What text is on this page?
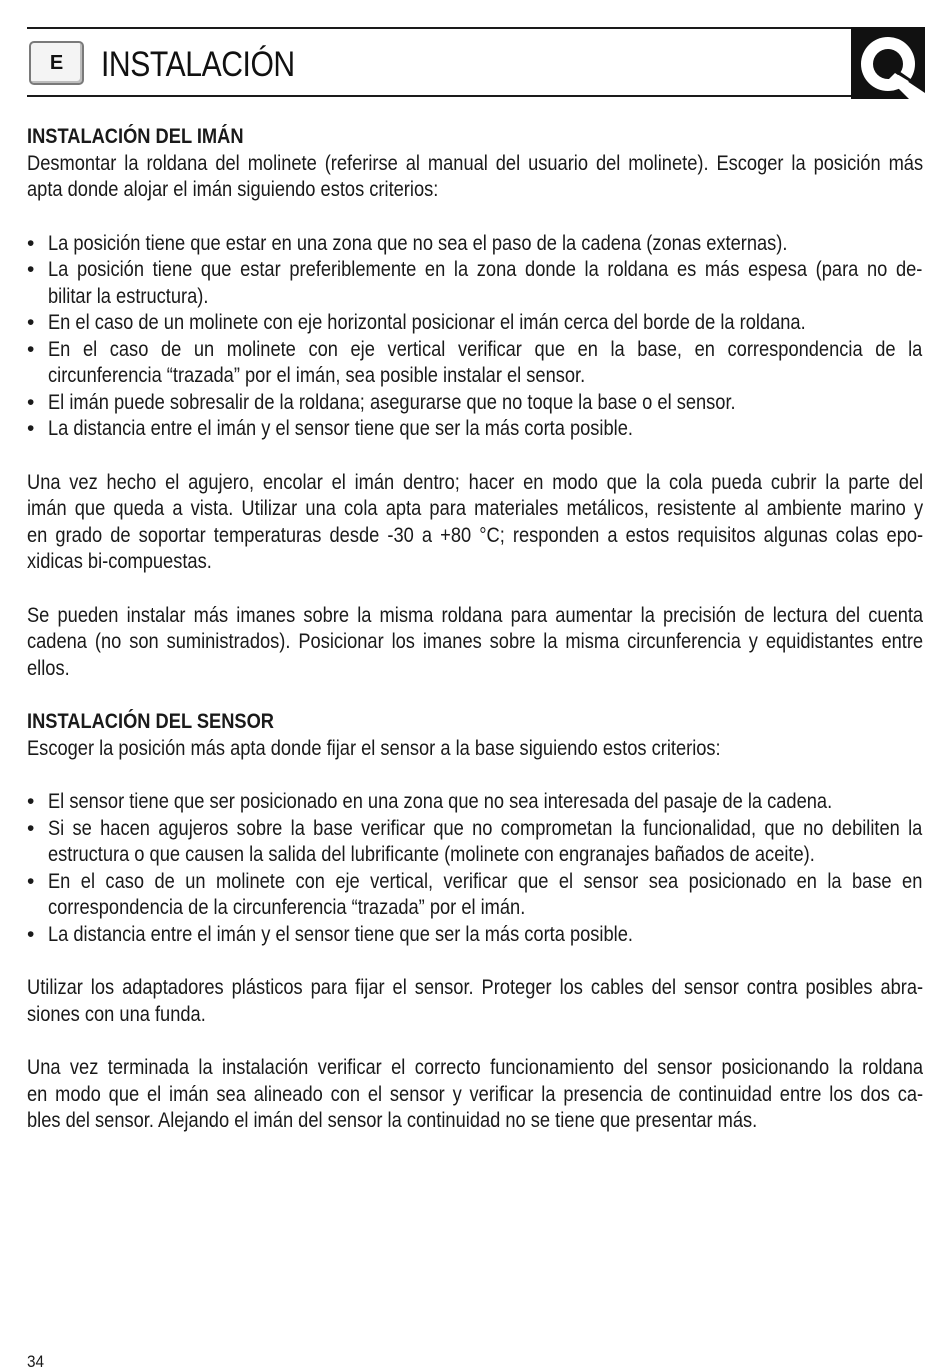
E	INSTALACIÓN
INSTALACIÓN DEL IMÁN
Desmontar la roldana del molinete (referirse al manual del usuario del molinete). Escoger la posición más
apta donde alojar el imán siguiendo estos criterios:
• La posición tiene que estar en una zona que no sea el paso de la cadena (zonas externas).
• La posición tiene que estar preferiblemente en la zona donde la roldana es más espesa (para no de-
bilitar la estructura).
• En el caso de un molinete con eje horizontal posicionar el imán cerca del borde de la roldana.
• En el caso de un molinete con eje vertical verificar que en la base, en correspondencia de la
circunferencia “trazada” por el imán, sea posible instalar el sensor.
• El imán puede sobresalir de la roldana; asegurarse que no toque la base o el sensor.
• La distancia entre el imán y el sensor tiene que ser la más corta posible.
Una vez hecho el agujero, encolar el imán dentro; hacer en modo que la cola pueda cubrir la parte del
imán que queda a vista. Utilizar una cola apta para materiales metálicos, resistente al ambiente marino y
en grado de soportar temperaturas desde -30 a +80 °C; responden a estos requisitos algunas colas epo-
xidicas bi-compuestas.
Se pueden instalar más imanes sobre la misma roldana para aumentar la precisión de lectura del cuenta
cadena (no son suministrados). Posicionar los imanes sobre la misma circunferencia y equidistantes entre
ellos.
INSTALACIÓN DEL SENSOR
Escoger la posición más apta donde fijar el sensor a la base siguiendo estos criterios:
• El sensor tiene que ser posicionado en una zona que no sea interesada del pasaje de la cadena.
• Si se hacen agujeros sobre la base verificar que no comprometan la funcionalidad, que no debiliten la
estructura o que causen la salida del lubrificante (molinete con engranajes bañados de aceite).
• En el caso de un molinete con eje vertical, verificar que el sensor sea posicionado en la base en
correspondencia de la circunferencia “trazada” por el imán.
• La distancia entre el imán y el sensor tiene que ser la más corta posible.
Utilizar los adaptadores plásticos para fijar el sensor. Proteger los cables del sensor contra posibles abra-
siones con una funda.
Una vez terminada la instalación verificar el correcto funcionamiento del sensor posicionando la roldana
en modo que el imán sea alineado con el sensor y verificar la presencia de continuidad entre los dos ca-
bles del sensor. Alejando el imán del sensor la continuidad no se tiene que presentar más.
34
